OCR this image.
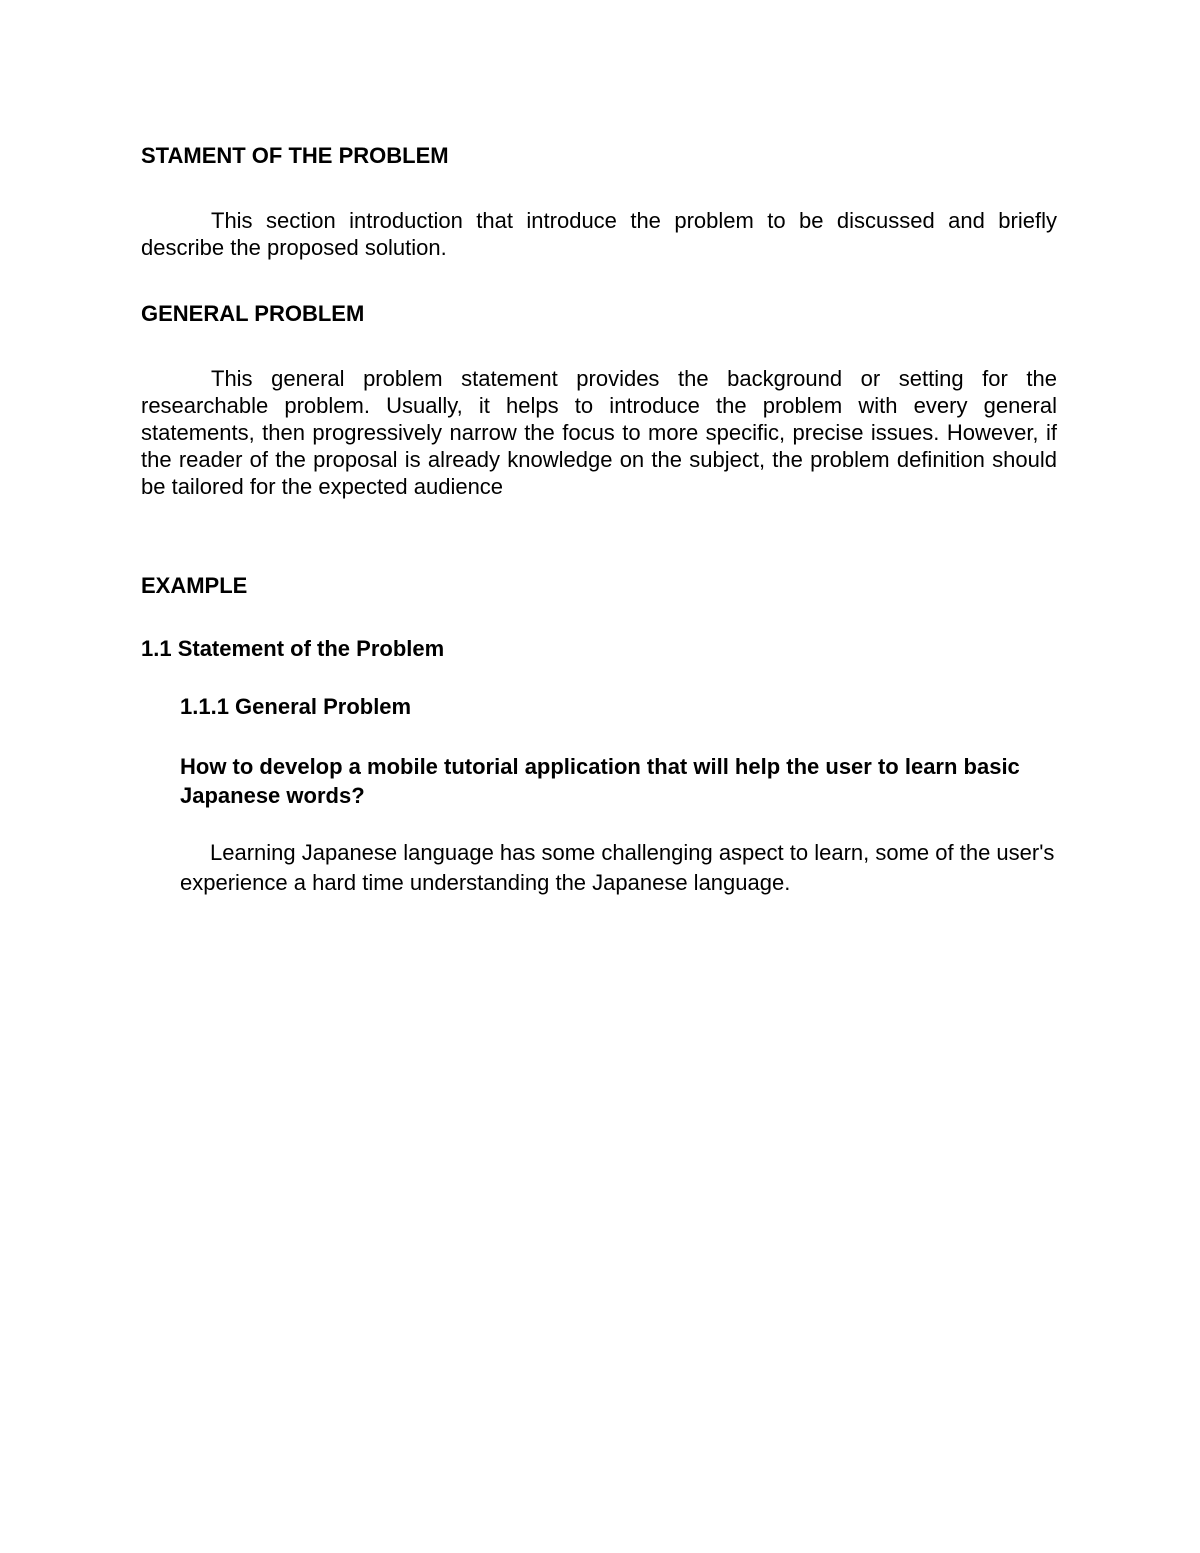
STAMENT OF THE PROBLEM

This section introduction that introduce the problem to be discussed and briefly describe the proposed solution.

GENERAL PROBLEM

This general problem statement provides the background or setting for the researchable problem. Usually, it helps to introduce the problem with every general statements, then progressively narrow the focus to more specific, precise issues. However, if the reader of the proposal is already knowledge on the subject, the problem definition should be tailored for the expected audience

EXAMPLE
1.1 Statement of the Problem
1.1.1 General Problem

How to develop a mobile tutorial application that will help the user to learn basic Japanese words?

Learning Japanese language has some challenging aspect to learn, some of the user's experience a hard time understanding the Japanese language.
